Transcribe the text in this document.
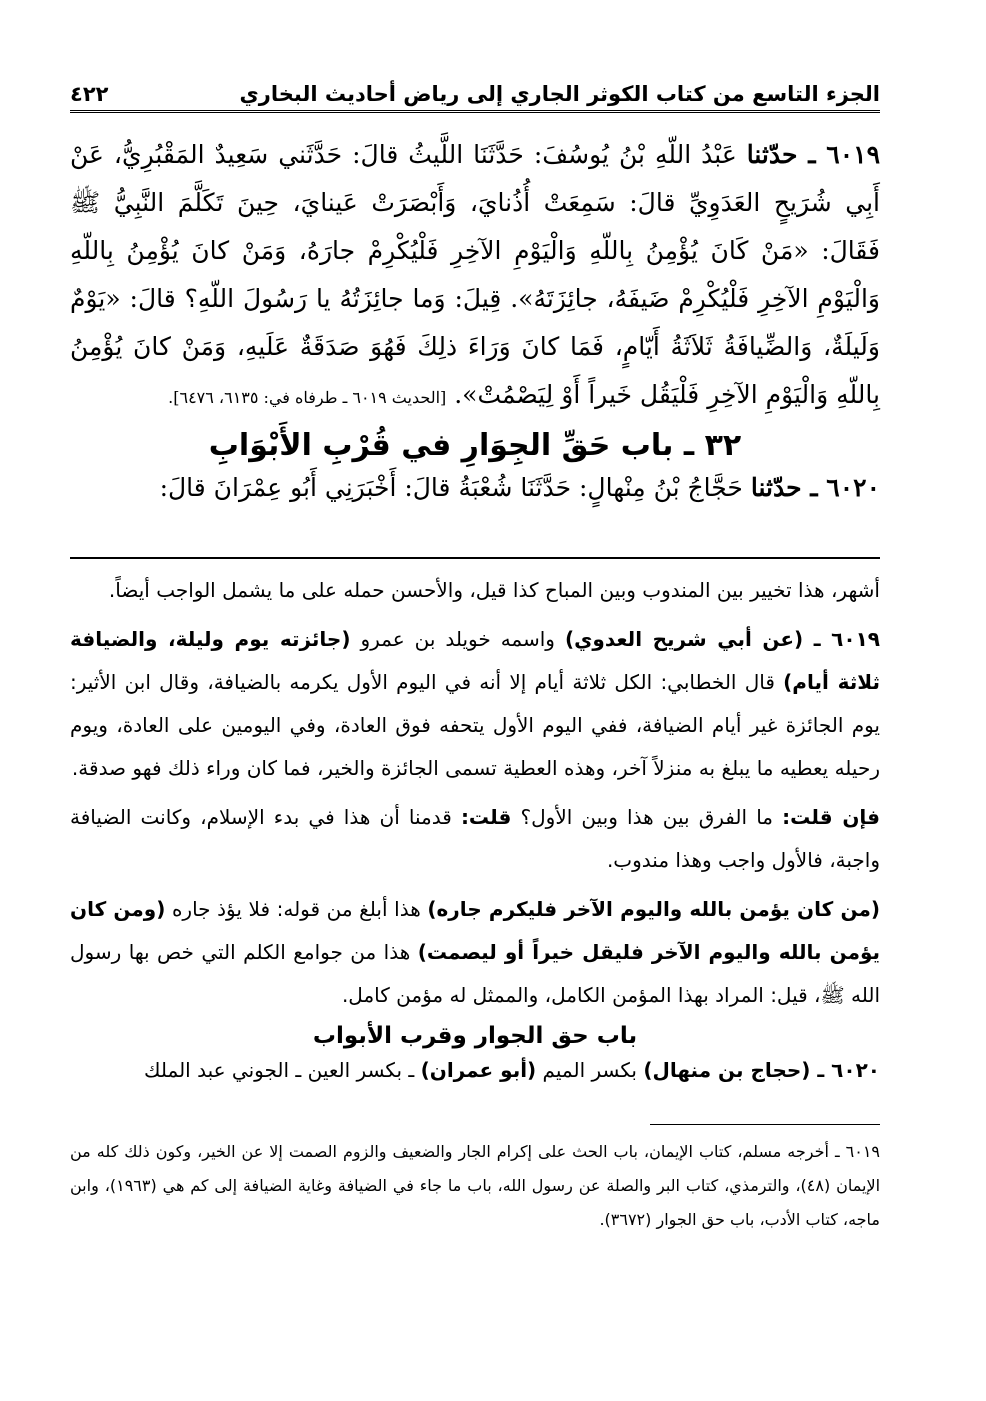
الجزء التاسع من كتاب الكوثر الجاري إلى رياض أحاديث البخاري
٤٢٢
٦٠١٩ ـ حدّثنا عَبْدُ اللّهِ بْنُ يُوسُفَ: حَدَّثَنَا اللَّيثُ قالَ: حَدَّثَني سَعِيدٌ المَقْبُرِيُّ، عَنْ أَبِي شُرَيحٍ العَدَوِيِّ قالَ: سَمِعَتْ أُذُنايَ، وَأَبْصَرَتْ عَينايَ، حِينَ تَكَلَّمَ النَّبِيُّ ﷺ فَقَالَ: «مَنْ كَانَ يُؤْمِنُ بِاللّهِ وَالْيَوْمِ الآخِرِ فَلْيُكْرِمْ جارَهُ، وَمَنْ كانَ يُؤْمِنُ بِاللّهِ وَالْيَوْمِ الآخِرِ فَلْيُكْرِمْ ضَيفَهُ، جائِزَتَهُ». قِيلَ: وَما جائِزَتُهُ يا رَسُولَ اللّهِ؟ قالَ: «يَوْمٌ وَلَيلَةٌ، وَالضِّيافَةُ ثَلاَثَةُ أَيّامٍ، فَمَا كانَ وَرَاءَ ذلِكَ فَهُوَ صَدَقَةٌ عَلَيهِ، وَمَنْ كانَ يُؤْمِنُ بِاللّهِ وَالْيَوْمِ الآخِرِ فَلْيَقُل خَيراً أَوْ لِيَصْمُتْ». [الحديث ٦٠١٩ ـ طرفاه في: ٦١٣٥، ٦٤٧٦].
٣٢ ـ باب حَقِّ الجِوَارِ في قُرْبِ الأَبْوَابِ
٦٠٢٠ ـ حدّثنا حَجَّاجُ بْنُ مِنْهالٍ: حَدَّثَنَا شُعْبَةُ قالَ: أَخْبَرَنِي أَبُو عِمْرَانَ قالَ:

أشهر، هذا تخيير بين المندوب وبين المباح كذا قيل، والأحسن حمله على ما يشمل الواجب أيضاً.

٦٠١٩ ـ (عن أبي شريح العدوي) واسمه خويلد بن عمرو (جائزته يوم وليلة، والضيافة ثلاثة أيام) قال الخطابي: الكل ثلاثة أيام إلا أنه في اليوم الأول يكرمه بالضيافة، وقال ابن الأثير: يوم الجائزة غير أيام الضيافة، ففي اليوم الأول يتحفه فوق العادة، وفي اليومين على العادة، ويوم رحيله يعطيه ما يبلغ به منزلاً آخر، وهذه العطية تسمى الجائزة والخير، فما كان وراء ذلك فهو صدقة.

فإن قلت: ما الفرق بين هذا وبين الأول؟ قلت: قدمنا أن هذا في بدء الإسلام، وكانت الضيافة واجبة، فالأول واجب وهذا مندوب.

(من كان يؤمن بالله واليوم الآخر فليكرم جاره) هذا أبلغ من قوله: فلا يؤذ جاره (ومن كان يؤمن بالله واليوم الآخر فليقل خيراً أو ليصمت) هذا من جوامع الكلم التي خص بها رسول الله ﷺ، قيل: المراد بهذا المؤمن الكامل، والممثل له مؤمن كامل.

باب حق الجوار وقرب الأبواب

٦٠٢٠ ـ (حجاج بن منهال) بكسر الميم (أبو عمران) ـ بكسر العين ـ الجوني عبد الملك

٦٠١٩ ـ أخرجه مسلم، كتاب الإيمان، باب الحث على إكرام الجار والضعيف والزوم الصمت إلا عن الخير، وكون ذلك كله من الإيمان (٤٨)، والترمذي، كتاب البر والصلة عن رسول الله، باب ما جاء في الضيافة وغاية الضيافة إلى كم هي (١٩٦٣)، وابن ماجه، كتاب الأدب، باب حق الجوار (٣٦٧٢).
